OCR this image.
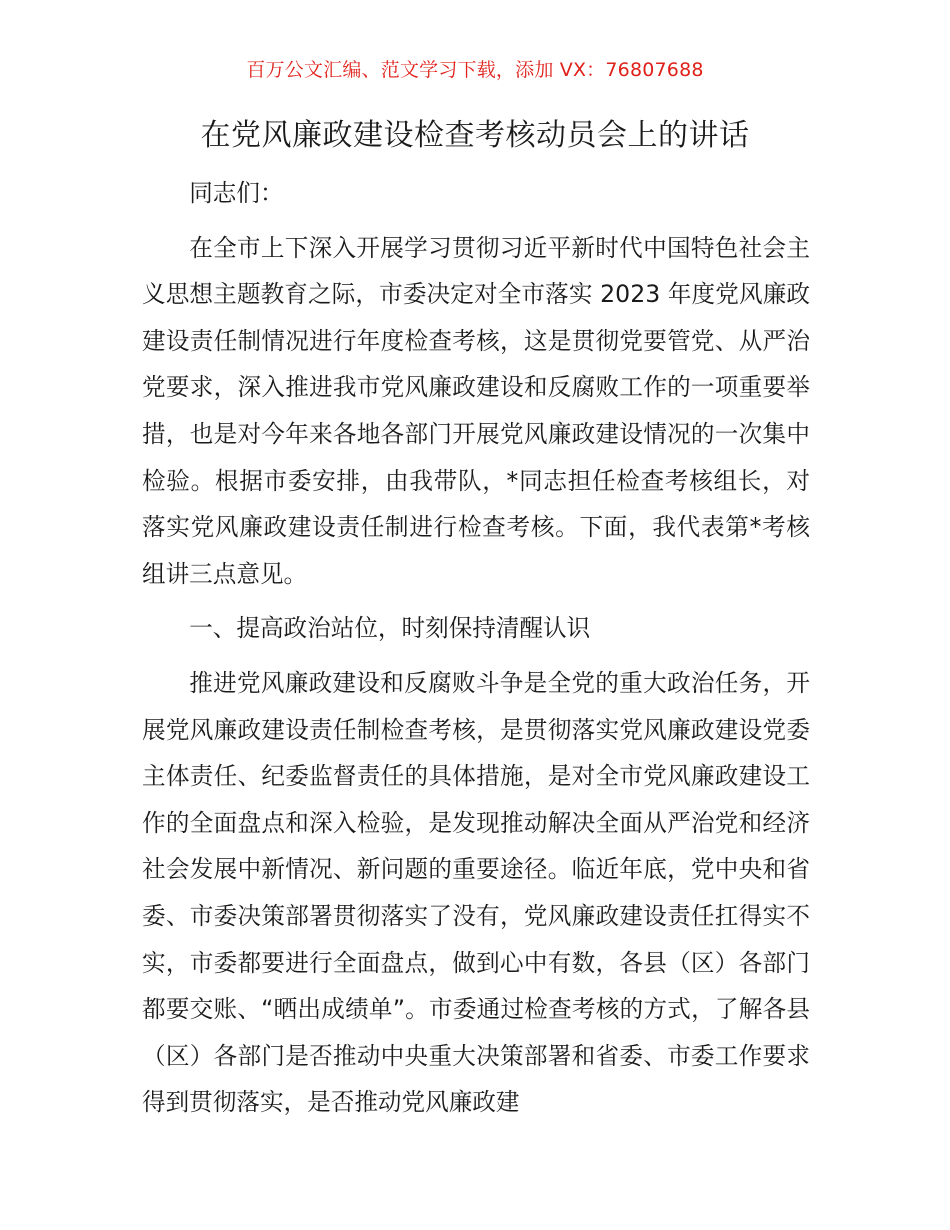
百万公文汇编、范文学习下载，添加 VX：76807688
在党风廉政建设检查考核动员会上的讲话

同志们：

在全市上下深入开展学习贯彻习近平新时代中国特色社会主义思想主题教育之际，市委决定对全市落实 2023 年度党风廉政建设责任制情况进行年度检查考核，这是贯彻党要管党、从严治党要求，深入推进我市党风廉政建设和反腐败工作的一项重要举措，也是对今年来各地各部门开展党风廉政建设情况的一次集中检验。根据市委安排，由我带队，*同志担任检查考核组长，对落实党风廉政建设责任制进行检查考核。下面，我代表第*考核组讲三点意见。

一、提高政治站位，时刻保持清醒认识

推进党风廉政建设和反腐败斗争是全党的重大政治任务，开展党风廉政建设责任制检查考核，是贯彻落实党风廉政建设党委主体责任、纪委监督责任的具体措施，是对全市党风廉政建设工作的全面盘点和深入检验，是发现推动解决全面从严治党和经济社会发展中新情况、新问题的重要途径。临近年底，党中央和省委、市委决策部署贯彻落实了没有，党风廉政建设责任扛得实不实，市委都要进行全面盘点，做到心中有数，各县（区）各部门都要交账、“晒出成绩单”。市委通过检查考核的方式，了解各县（区）各部门是否推动中央重大决策部署和省委、市委工作要求得到贯彻落实，是否推动党风廉政建
